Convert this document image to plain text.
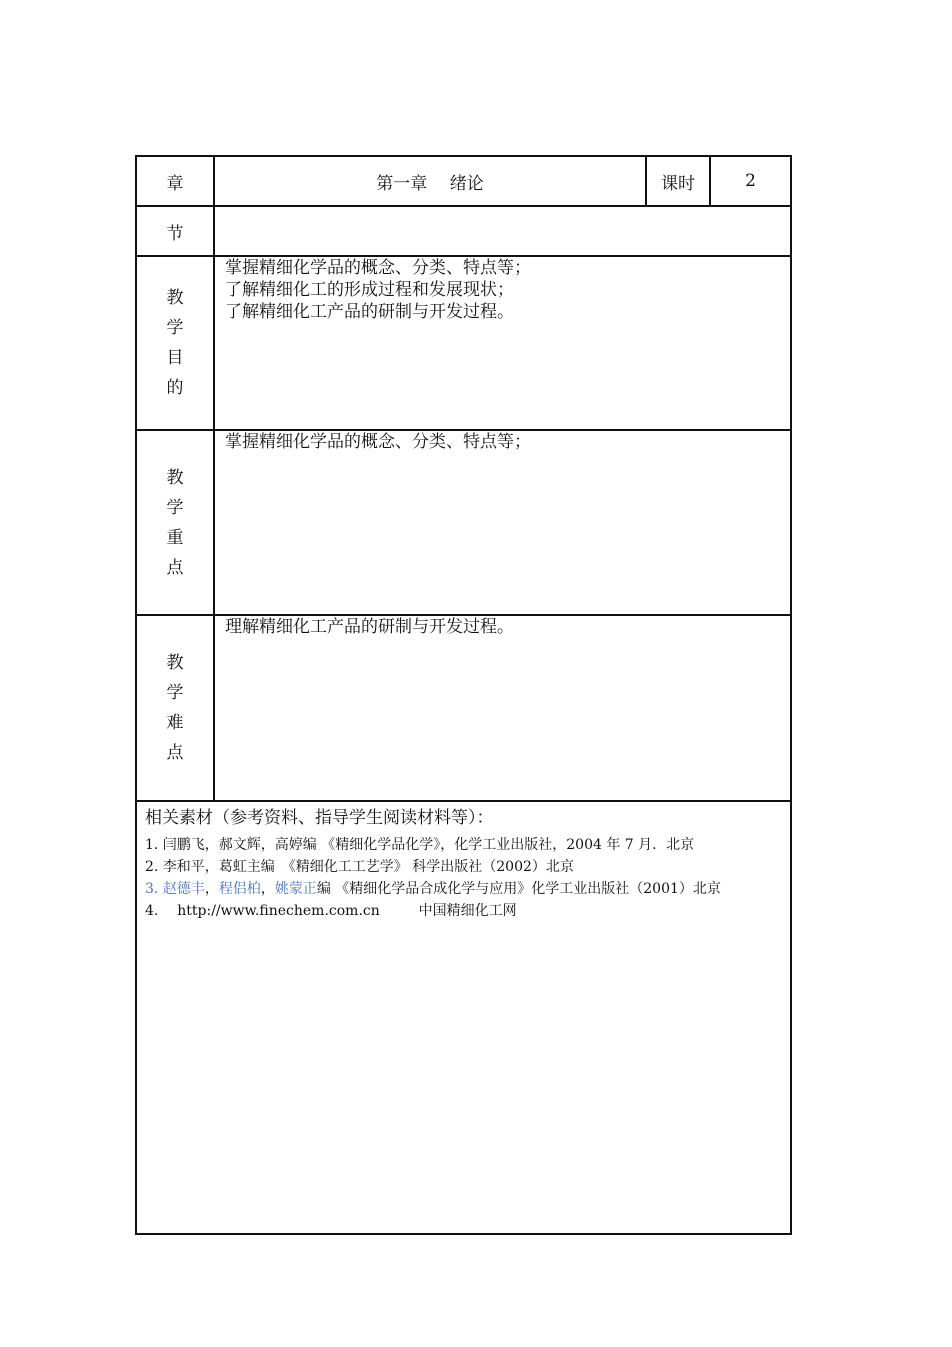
章	第一章　 绪论	课时	2
节			

教
学
目
的	掌握精细化学品的概念、分类、特点等；
了解精细化工的形成过程和发展现状；
了解精细化工产品的研制与开发过程。		

教
学
重
点	掌握精细化学品的概念、分类、特点等；		

教
学
难
点	理解精细化工产品的研制与开发过程。		

相关素材（参考资料、指导学生阅读材料等）：
1. 闫鹏飞，郝文辉，高婷编 《精细化学品化学》，化学工业出版社，2004 年 7 月．北京
2. 李和平，葛虹主编　《精细化工工艺学》 科学出版社（2002）北京
3. 赵德丰，程侣柏，姚蒙正编 《精细化学品合成化学与应用》化学工业出版社（2001）北京
4. http://www.finechem.com.cn 中国精细化工网			
